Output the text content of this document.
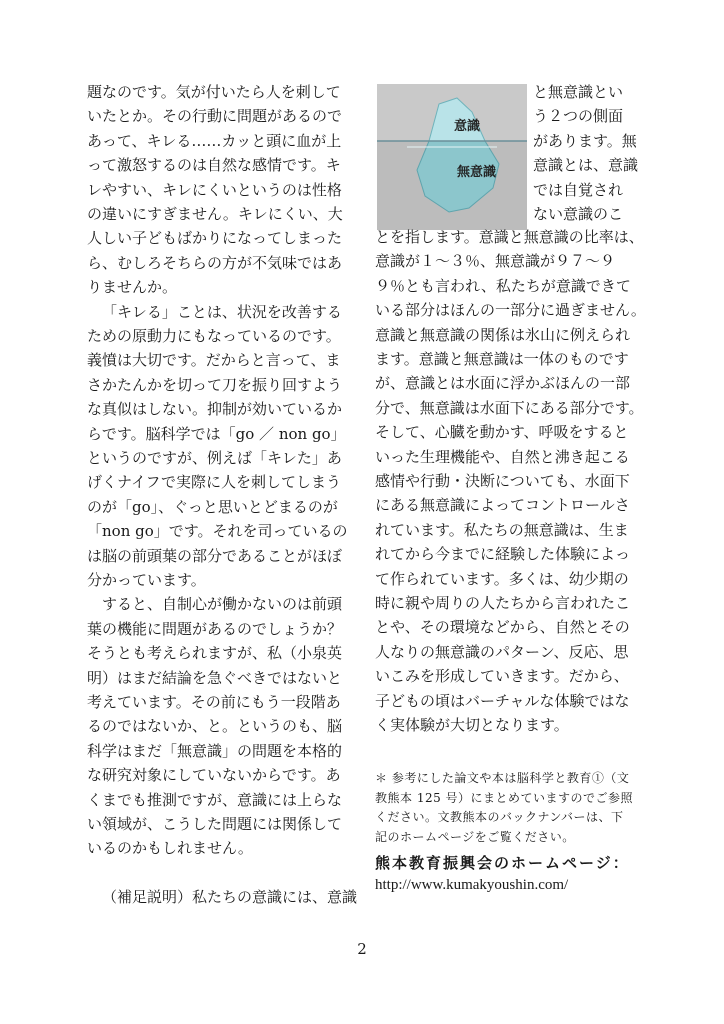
題なのです。気が付いたら人を刺して
いたとか。その行動に問題があるので
あって、キレる……カッと頭に血が上
って激怒するのは自然な感情です。キ
レやすい、キレにくいというのは性格
の違いにすぎません。キレにくい、大
人しい子どもばかりになってしまった
ら、むしろそちらの方が不気味ではあ
りませんか。
「キレる」ことは、状況を改善する
ための原動力にもなっているのです。
義憤は大切です。だからと言って、ま
さかたんかを切って刀を振り回すよう
な真似はしない。抑制が効いているか
らです。脳科学では「go ／ non go」
というのですが、例えば「キレた」あ
げくナイフで実際に人を刺してしまう
のが「go」、ぐっと思いとどまるのが
「non go」です。それを司っているの
は脳の前頭葉の部分であることがほぼ
分かっています。
すると、自制心が働かないのは前頭
葉の機能に問題があるのでしょうか？
そうとも考えられますが、私（小泉英
明）はまだ結論を急ぐべきではないと
考えています。その前にもう一段階あ
るのではないか、と。というのも、脳
科学はまだ「無意識」の問題を本格的
な研究対象にしていないからです。あ
くまでも推測ですが、意識には上らな
い領域が、こうした問題には関係して
いるのかもしれません。
（補足説明）私たちの意識には、意識
意識
無意識
と無意識とい
う２つの側面
があります。無
意識とは、意識
では自覚され
ない意識のこ
とを指します。意識と無意識の比率は、
意識が１～３％、無意識が９７～９
９％とも言われ、私たちが意識できて
いる部分はほんの一部分に過ぎません。
意識と無意識の関係は氷山に例えられ
ます。意識と無意識は一体のものです
が、意識とは水面に浮かぶほんの一部
分で、無意識は水面下にある部分です。
そして、心臓を動かす、呼吸をすると
いった生理機能や、自然と沸き起こる
感情や行動・決断についても、水面下
にある無意識によってコントロールさ
れています。私たちの無意識は、生ま
れてから今までに経験した体験によっ
て作られています。多くは、幼少期の
時に親や周りの人たちから言われたこ
とや、その環境などから、自然とその
人なりの無意識のパターン、反応、思
いこみを形成していきます。だから、
子どもの頃はバーチャルな体験ではな
く実体験が大切となります。
＊ 参考にした論文や本は脳科学と教育①（文
教熊本 125 号）にまとめていますのでご参照
ください。文教熊本のバックナンバーは、下
記のホームページをご覧ください。
熊本教育振興会のホームページ：
http://www.kumakyoushin.com/
2
